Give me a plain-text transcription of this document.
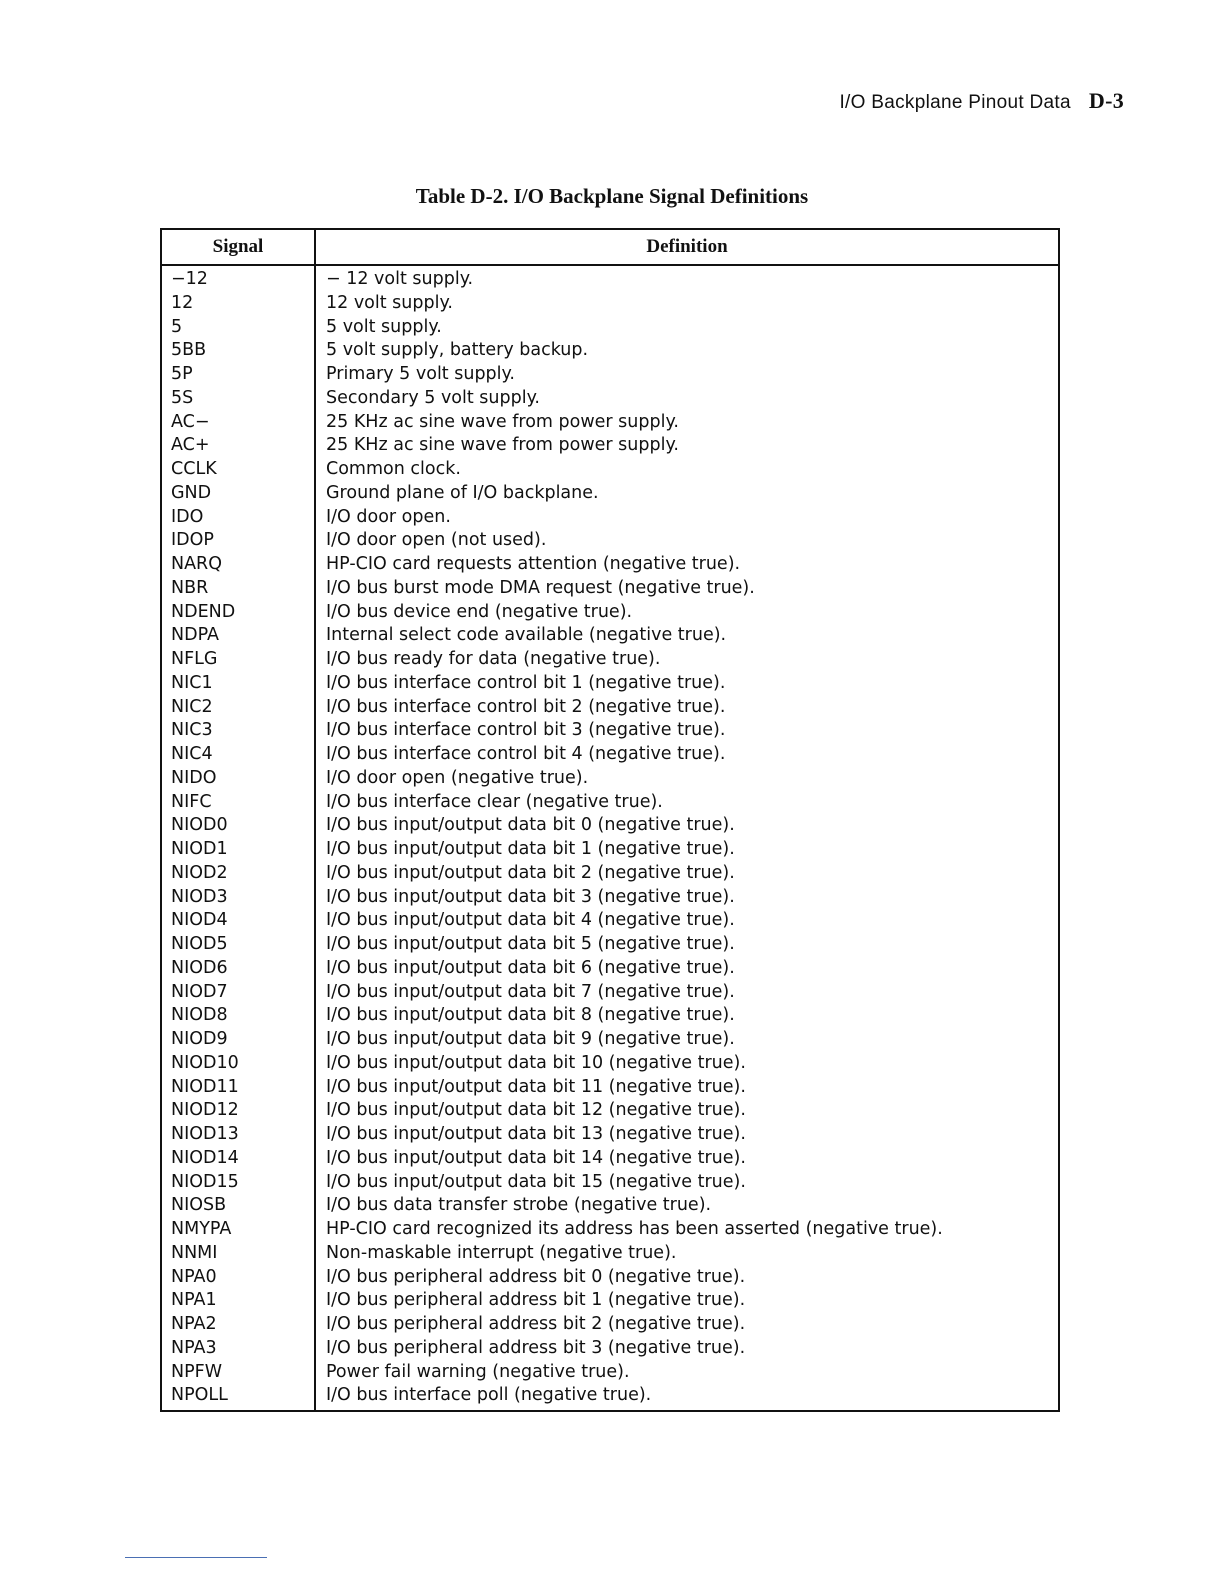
I/O Backplane Pinout Data D-3
Table D-2. I/O Backplane Signal Definitions
Signal	Definition
−12	− 12 volt supply.
12	12 volt supply.
5	5 volt supply.
5BB	5 volt supply, battery backup.
5P	Primary 5 volt supply.
5S	Secondary 5 volt supply.
AC−	25 KHz ac sine wave from power supply.
AC+	25 KHz ac sine wave from power supply.
CCLK	Common clock.
GND	Ground plane of I/O backplane.
IDO	I/O door open.
IDOP	I/O door open (not used).
NARQ	HP-CIO card requests attention (negative true).
NBR	I/O bus burst mode DMA request (negative true).
NDEND	I/O bus device end (negative true).
NDPA	Internal select code available (negative true).
NFLG	I/O bus ready for data (negative true).
NIC1	I/O bus interface control bit 1 (negative true).
NIC2	I/O bus interface control bit 2 (negative true).
NIC3	I/O bus interface control bit 3 (negative true).
NIC4	I/O bus interface control bit 4 (negative true).
NIDO	I/O door open (negative true).
NIFC	I/O bus interface clear (negative true).
NIOD0	I/O bus input/output data bit 0 (negative true).
NIOD1	I/O bus input/output data bit 1 (negative true).
NIOD2	I/O bus input/output data bit 2 (negative true).
NIOD3	I/O bus input/output data bit 3 (negative true).
NIOD4	I/O bus input/output data bit 4 (negative true).
NIOD5	I/O bus input/output data bit 5 (negative true).
NIOD6	I/O bus input/output data bit 6 (negative true).
NIOD7	I/O bus input/output data bit 7 (negative true).
NIOD8	I/O bus input/output data bit 8 (negative true).
NIOD9	I/O bus input/output data bit 9 (negative true).
NIOD10	I/O bus input/output data bit 10 (negative true).
NIOD11	I/O bus input/output data bit 11 (negative true).
NIOD12	I/O bus input/output data bit 12 (negative true).
NIOD13	I/O bus input/output data bit 13 (negative true).
NIOD14	I/O bus input/output data bit 14 (negative true).
NIOD15	I/O bus input/output data bit 15 (negative true).
NIOSB	I/O bus data transfer strobe (negative true).
NMYPA	HP-CIO card recognized its address has been asserted (negative true).
NNMI	Non-maskable interrupt (negative true).
NPA0	I/O bus peripheral address bit 0 (negative true).
NPA1	I/O bus peripheral address bit 1 (negative true).
NPA2	I/O bus peripheral address bit 2 (negative true).
NPA3	I/O bus peripheral address bit 3 (negative true).
NPFW	Power fail warning (negative true).
NPOLL	I/O bus interface poll (negative true).
